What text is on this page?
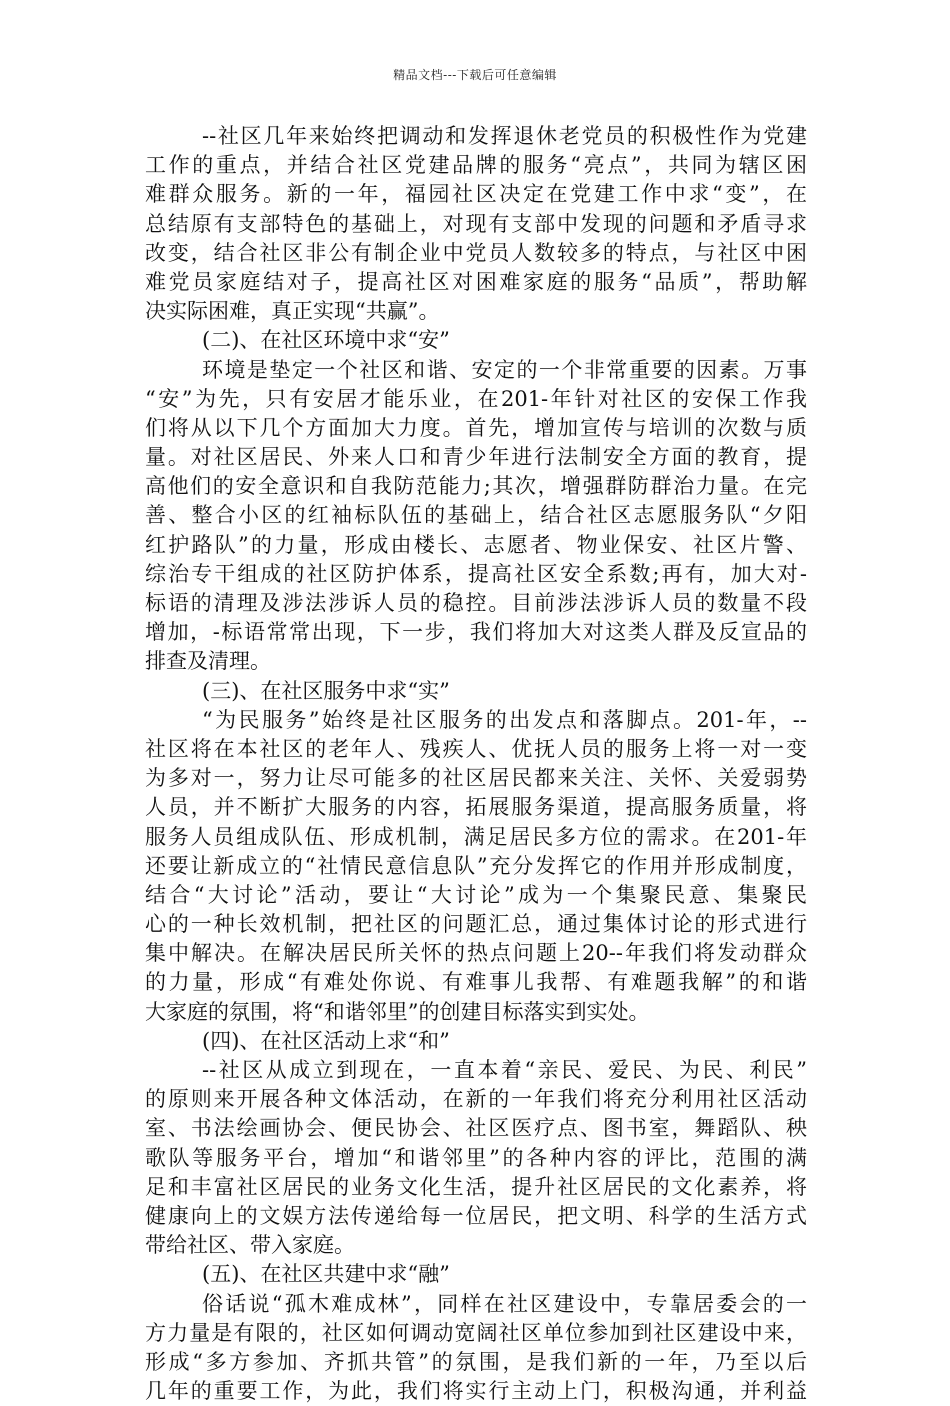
精品文档---下载后可任意编辑
--社区几年来始终把调动和发挥退休老党员的积极性作为党建
工作的重点，并结合社区党建品牌的服务“亮点”，共同为辖区困
难群众服务。新的一年，福园社区决定在党建工作中求“变”，在
总结原有支部特色的基础上，对现有支部中发现的问题和矛盾寻求
改变，结合社区非公有制企业中党员人数较多的特点，与社区中困
难党员家庭结对子，提高社区对困难家庭的服务“品质”，帮助解
决实际困难，真正实现“共赢”。
(二)、在社区环境中求“安”
环境是垫定一个社区和谐、安定的一个非常重要的因素。万事
“安”为先，只有安居才能乐业，在201-年针对社区的安保工作我
们将从以下几个方面加大力度。首先，增加宣传与培训的次数与质
量。对社区居民、外来人口和青少年进行法制安全方面的教育，提
高他们的安全意识和自我防范能力;其次，增强群防群治力量。在完
善、整合小区的红袖标队伍的基础上，结合社区志愿服务队“夕阳
红护路队”的力量，形成由楼长、志愿者、物业保安、社区片警、
综治专干组成的社区防护体系，提高社区安全系数;再有，加大对-
标语的清理及涉法涉诉人员的稳控。目前涉法涉诉人员的数量不段
增加，-标语常常出现，下一步，我们将加大对这类人群及反宣品的
排查及清理。
(三)、在社区服务中求“实”
“为民服务”始终是社区服务的出发点和落脚点。201-年，--
社区将在本社区的老年人、残疾人、优抚人员的服务上将一对一变
为多对一，努力让尽可能多的社区居民都来关注、关怀、关爱弱势
人员，并不断扩大服务的内容，拓展服务渠道，提高服务质量，将
服务人员组成队伍、形成机制，满足居民多方位的需求。在201-年
还要让新成立的“社情民意信息队”充分发挥它的作用并形成制度，
结合“大讨论”活动，要让“大讨论”成为一个集聚民意、集聚民
心的一种长效机制，把社区的问题汇总，通过集体讨论的形式进行
集中解决。在解决居民所关怀的热点问题上20--年我们将发动群众
的力量，形成“有难处你说、有难事儿我帮、有难题我解”的和谐
大家庭的氛围，将“和谐邻里”的创建目标落实到实处。
(四)、在社区活动上求“和”
--社区从成立到现在，一直本着“亲民、爱民、为民、利民”
的原则来开展各种文体活动，在新的一年我们将充分利用社区活动
室、书法绘画协会、便民协会、社区医疗点、图书室，舞蹈队、秧
歌队等服务平台，增加“和谐邻里”的各种内容的评比，范围的满
足和丰富社区居民的业务文化生活，提升社区居民的文化素养，将
健康向上的文娱方法传递给每一位居民，把文明、科学的生活方式
带给社区、带入家庭。
(五)、在社区共建中求“融”
俗话说“孤木难成林”，同样在社区建设中，专靠居委会的一
方力量是有限的，社区如何调动宽阔社区单位参加到社区建设中来，
形成“多方参加、齐抓共管”的氛围，是我们新的一年，乃至以后
几年的重要工作，为此，我们将实行主动上门，积极沟通，并利益
